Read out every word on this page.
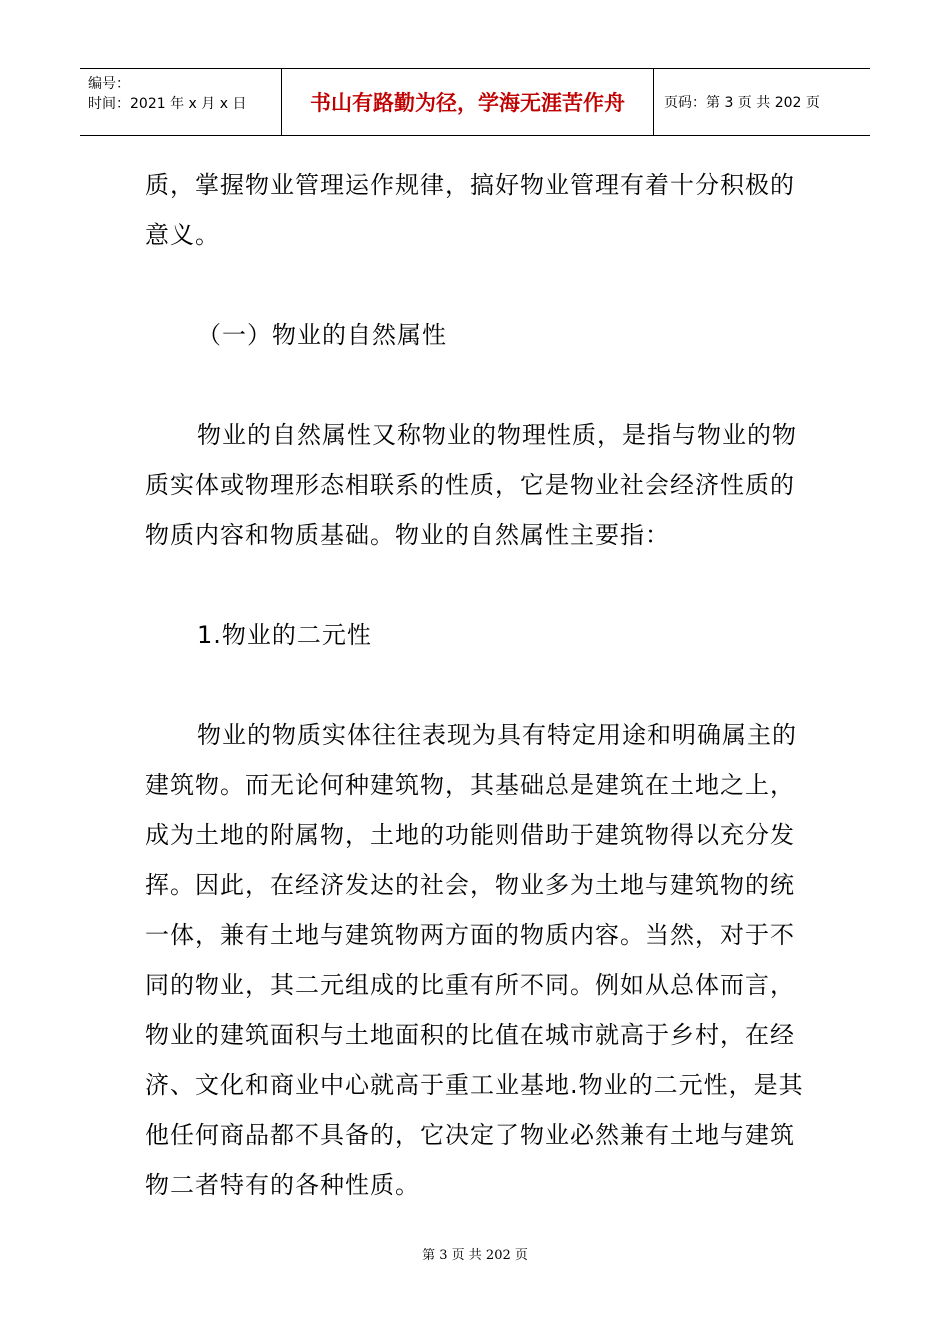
编号：
时间：2021 年 x 月 x 日	书山有路勤为径，学海无涯苦作舟	页码：第 3 页 共 202 页

质，掌握物业管理运作规律，搞好物业管理有着十分积极的意义。

（一）物业的自然属性

物业的自然属性又称物业的物理性质，是指与物业的物质实体或物理形态相联系的性质，它是物业社会经济性质的物质内容和物质基础。物业的自然属性主要指：

1.物业的二元性

物业的物质实体往往表现为具有特定用途和明确属主的建筑物。而无论何种建筑物，其基础总是建筑在土地之上，成为土地的附属物，土地的功能则借助于建筑物得以充分发挥。因此，在经济发达的社会，物业多为土地与建筑物的统一体，兼有土地与建筑物两方面的物质内容。当然，对于不同的物业，其二元组成的比重有所不同。例如从总体而言，物业的建筑面积与土地面积的比值在城市就高于乡村，在经济、文化和商业中心就高于重工业基地.物业的二元性，是其他任何商品都不具备的，它决定了物业必然兼有土地与建筑物二者特有的各种性质。

第 3 页 共 202 页
